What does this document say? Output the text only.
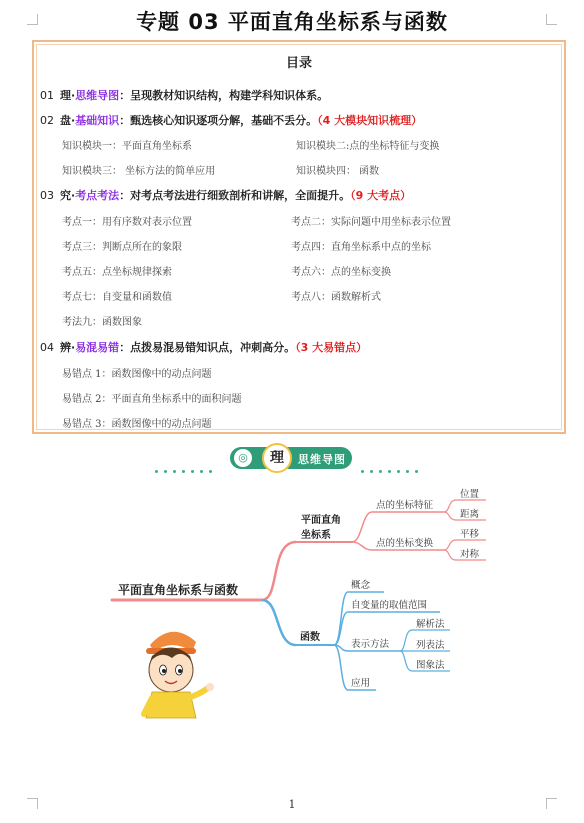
专题 03 平面直角坐标系与函数
目录
01 理·思维导图：呈现教材知识结构，构建学科知识体系。
02 盘·基础知识：甄选核心知识逐项分解，基础不丢分。（4 大模块知识梳理）
知识模块一：平面直角坐标系	知识模块二:点的坐标特征与变换
知识模块三： 坐标方法的简单应用	知识模块四： 函数
03 究·考点考法：对考点考法进行细致剖析和讲解，全面提升。（9 大考点）
考点一：用有序数对表示位置	考点二：实际问题中用坐标表示位置
考点三：判断点所在的象限	考点四：直角坐标系中点的坐标
考点五：点坐标规律探索	考点六：点的坐标变换
考点七：自变量和函数值	考点八：函数解析式
考法九：函数图象
04 辨·易混易错：点拨易混易错知识点，冲刺高分。（3 大易错点）
易错点 1：函数图像中的动点问题
易错点 2：平面直角坐标系中的面积问题
易错点 3：函数图像中的动点问题
◎	理	思维导图
平面直角坐标系与函数
平面直角
坐标系
点的坐标特征
点的坐标变换
位置
距离
平移
对称
函数
概念
自变量的取值范围
表示方法
解析法
列表法
图象法
应用
1
